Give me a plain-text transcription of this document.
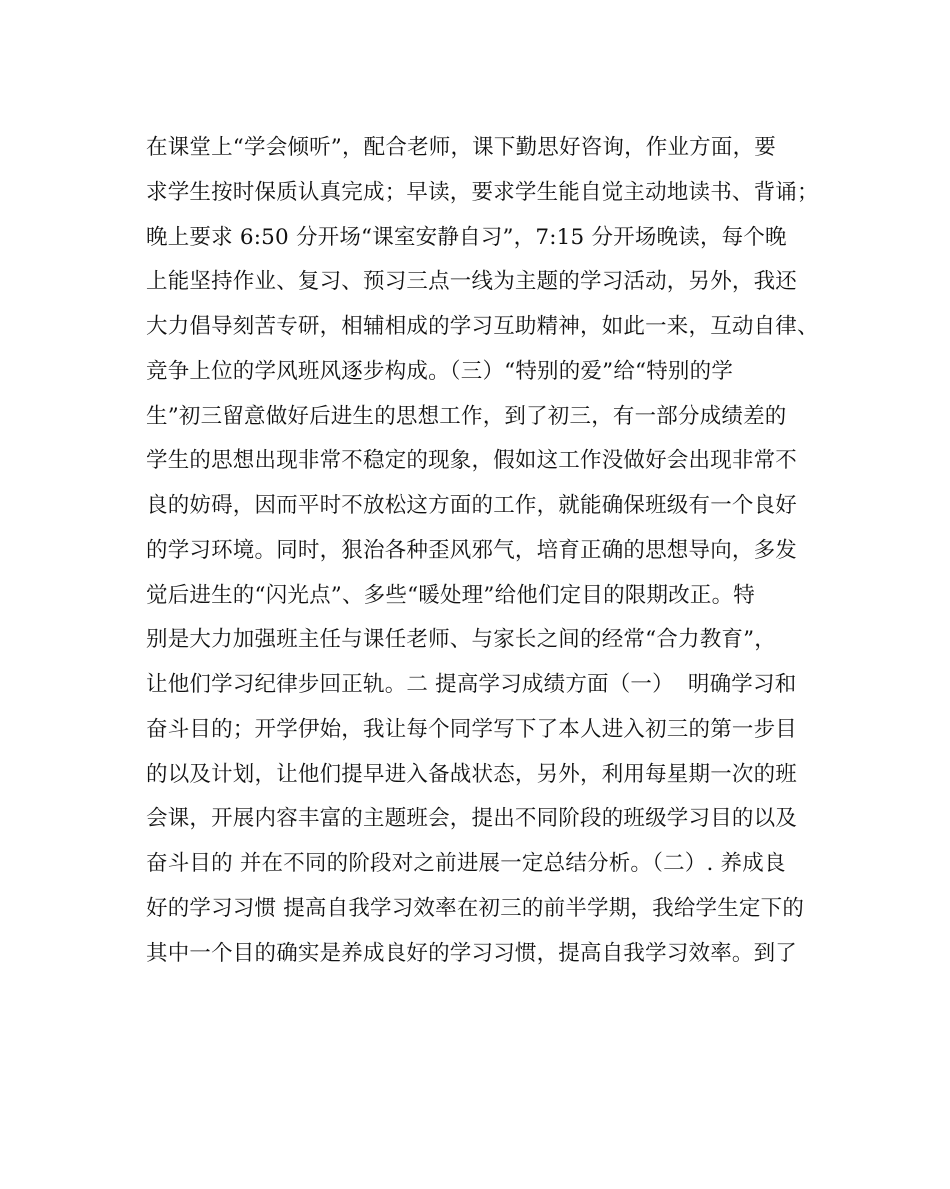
在课堂上“学会倾听”，配合老师，课下勤思好咨询，作业方面，要
求学生按时保质认真完成；早读，要求学生能自觉主动地读书、背诵；
晚上要求 6:50 分开场“课室安静自习”，7:15 分开场晚读，每个晚
上能坚持作业、复习、预习三点一线为主题的学习活动，另外，我还
大力倡导刻苦专研，相辅相成的学习互助精神，如此一来，互动自律、
竞争上位的学风班风逐步构成。（三）“特别的爱”给“特别的学
生”初三留意做好后进生的思想工作，到了初三，有一部分成绩差的
学生的思想出现非常不稳定的现象，假如这工作没做好会出现非常不
良的妨碍，因而平时不放松这方面的工作，就能确保班级有一个良好
的学习环境。同时，狠治各种歪风邪气，培育正确的思想导向，多发
觉后进生的“闪光点”、多些“暖处理”给他们定目的限期改正。特
别是大力加强班主任与课任老师、与家长之间的经常“合力教育”，
让他们学习纪律步回正轨。二 提高学习成绩方面（一）  明确学习和
奋斗目的；开学伊始，我让每个同学写下了本人进入初三的第一步目
的以及计划，让他们提早进入备战状态，另外，利用每星期一次的班
会课，开展内容丰富的主题班会，提出不同阶段的班级学习目的以及
奋斗目的 并在不同的阶段对之前进展一定总结分析。（二）. 养成良
好的学习习惯 提高自我学习效率在初三的前半学期，我给学生定下的
其中一个目的确实是养成良好的学习习惯，提高自我学习效率。到了
